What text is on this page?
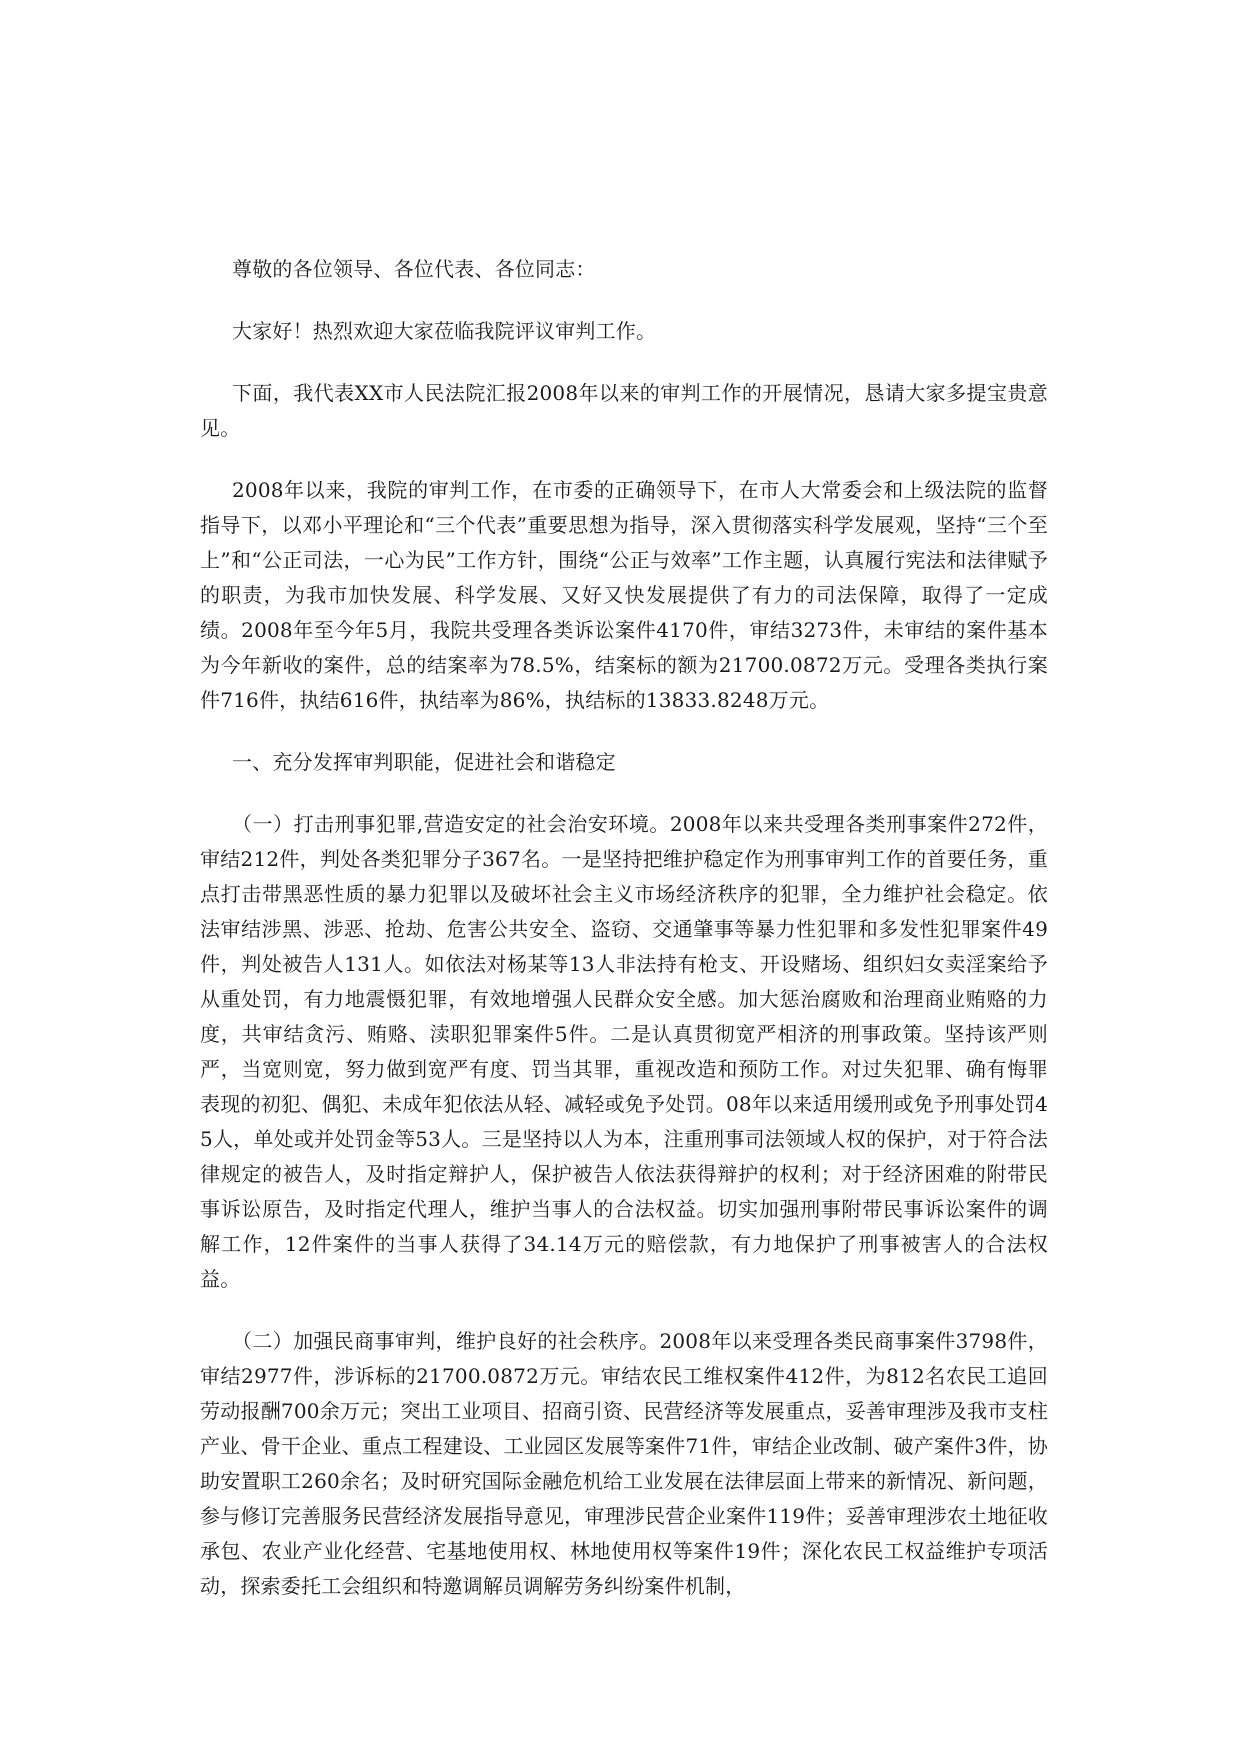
尊敬的各位领导、各位代表、各位同志：

大家好！热烈欢迎大家莅临我院评议审判工作。

下面，我代表XX市人民法院汇报2008年以来的审判工作的开展情况，恳请大家多提宝贵意见。

2008年以来，我院的审判工作，在市委的正确领导下，在市人大常委会和上级法院的监督指导下，以邓小平理论和“三个代表”重要思想为指导，深入贯彻落实科学发展观，坚持“三个至上”和“公正司法，一心为民”工作方针，围绕“公正与效率”工作主题，认真履行宪法和法律赋予的职责，为我市加快发展、科学发展、又好又快发展提供了有力的司法保障，取得了一定成绩。2008年至今年5月，我院共受理各类诉讼案件4170件，审结3273件，未审结的案件基本为今年新收的案件，总的结案率为78.5%，结案标的额为21700.0872万元。受理各类执行案件716件，执结616件，执结率为86%，执结标的13833.8248万元。

一、充分发挥审判职能，促进社会和谐稳定

（一）打击刑事犯罪,营造安定的社会治安环境。2008年以来共受理各类刑事案件272件，审结212件，判处各类犯罪分子367名。一是坚持把维护稳定作为刑事审判工作的首要任务，重点打击带黑恶性质的暴力犯罪以及破坏社会主义市场经济秩序的犯罪，全力维护社会稳定。依法审结涉黑、涉恶、抢劫、危害公共安全、盗窃、交通肇事等暴力性犯罪和多发性犯罪案件49件，判处被告人131人。如依法对杨某等13人非法持有枪支、开设赌场、组织妇女卖淫案给予从重处罚，有力地震慑犯罪，有效地增强人民群众安全感。加大惩治腐败和治理商业贿赂的力度，共审结贪污、贿赂、渎职犯罪案件5件。二是认真贯彻宽严相济的刑事政策。坚持该严则严，当宽则宽，努力做到宽严有度、罚当其罪，重视改造和预防工作。对过失犯罪、确有悔罪表现的初犯、偶犯、未成年犯依法从轻、减轻或免予处罚。08年以来适用缓刑或免予刑事处罚45人，单处或并处罚金等53人。三是坚持以人为本，注重刑事司法领域人权的保护，对于符合法律规定的被告人，及时指定辩护人，保护被告人依法获得辩护的权利；对于经济困难的附带民事诉讼原告，及时指定代理人，维护当事人的合法权益。切实加强刑事附带民事诉讼案件的调解工作，12件案件的当事人获得了34.14万元的赔偿款，有力地保护了刑事被害人的合法权益。

（二）加强民商事审判，维护良好的社会秩序。2008年以来受理各类民商事案件3798件，审结2977件，涉诉标的21700.0872万元。审结农民工维权案件412件，为812名农民工追回劳动报酬700余万元；突出工业项目、招商引资、民营经济等发展重点，妥善审理涉及我市支柱产业、骨干企业、重点工程建设、工业园区发展等案件71件，审结企业改制、破产案件3件，协助安置职工260余名；及时研究国际金融危机给工业发展在法律层面上带来的新情况、新问题，参与修订完善服务民营经济发展指导意见，审理涉民营企业案件119件；妥善审理涉农土地征收承包、农业产业化经营、宅基地使用权、林地使用权等案件19件；深化农民工权益维护专项活动，探索委托工会组织和特邀调解员调解劳务纠纷案件机制，
